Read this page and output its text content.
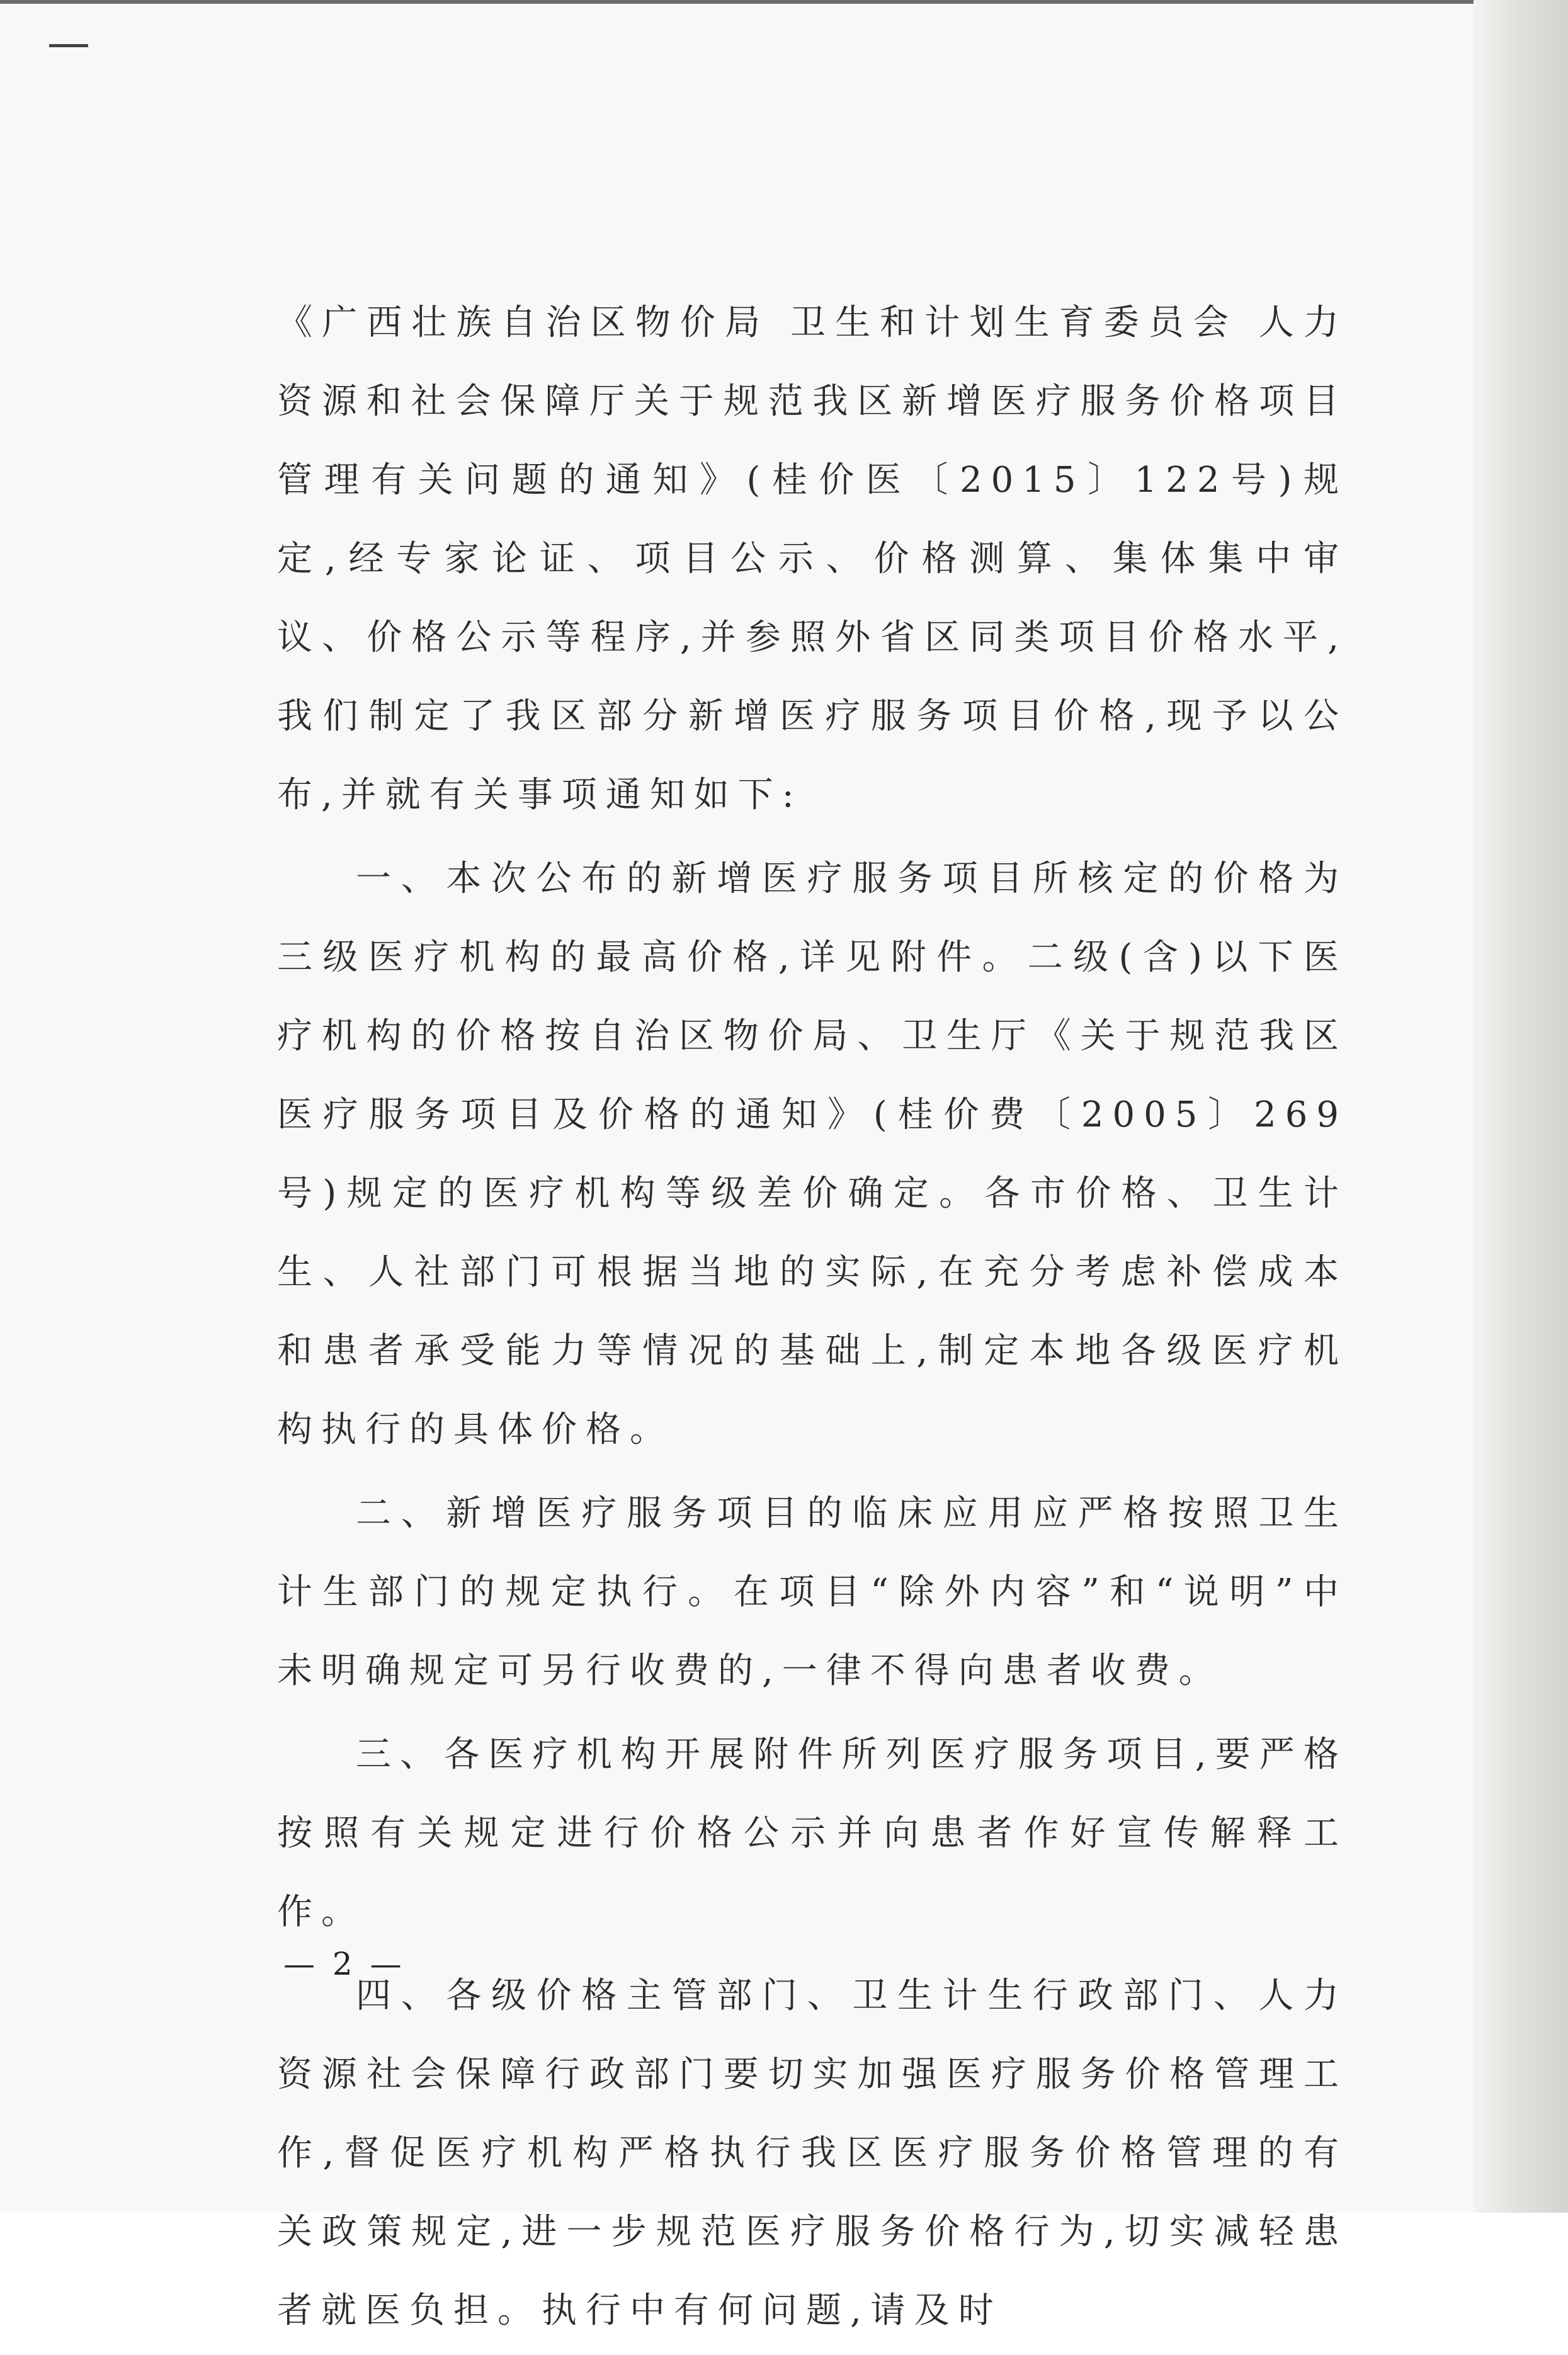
《广西壮族自治区物价局 卫生和计划生育委员会 人力资源和社会保障厅关于规范我区新增医疗服务价格项目管理有关问题的通知》(桂价医〔2015〕122号)规定,经专家论证、项目公示、价格测算、集体集中审议、价格公示等程序,并参照外省区同类项目价格水平,我们制定了我区部分新增医疗服务项目价格,现予以公布,并就有关事项通知如下:

一、本次公布的新增医疗服务项目所核定的价格为三级医疗机构的最高价格,详见附件。二级(含)以下医疗机构的价格按自治区物价局、卫生厅《关于规范我区医疗服务项目及价格的通知》(桂价费〔2005〕269号)规定的医疗机构等级差价确定。各市价格、卫生计生、人社部门可根据当地的实际,在充分考虑补偿成本和患者承受能力等情况的基础上,制定本地各级医疗机构执行的具体价格。

二、新增医疗服务项目的临床应用应严格按照卫生计生部门的规定执行。在项目“除外内容”和“说明”中未明确规定可另行收费的,一律不得向患者收费。

三、各医疗机构开展附件所列医疗服务项目,要严格按照有关规定进行价格公示并向患者作好宣传解释工作。

四、各级价格主管部门、卫生计生行政部门、人力资源社会保障行政部门要切实加强医疗服务价格管理工作,督促医疗机构严格执行我区医疗服务价格管理的有关政策规定,进一步规范医疗服务价格行为,切实减轻患者就医负担。执行中有何问题,请及时

— 2 —
